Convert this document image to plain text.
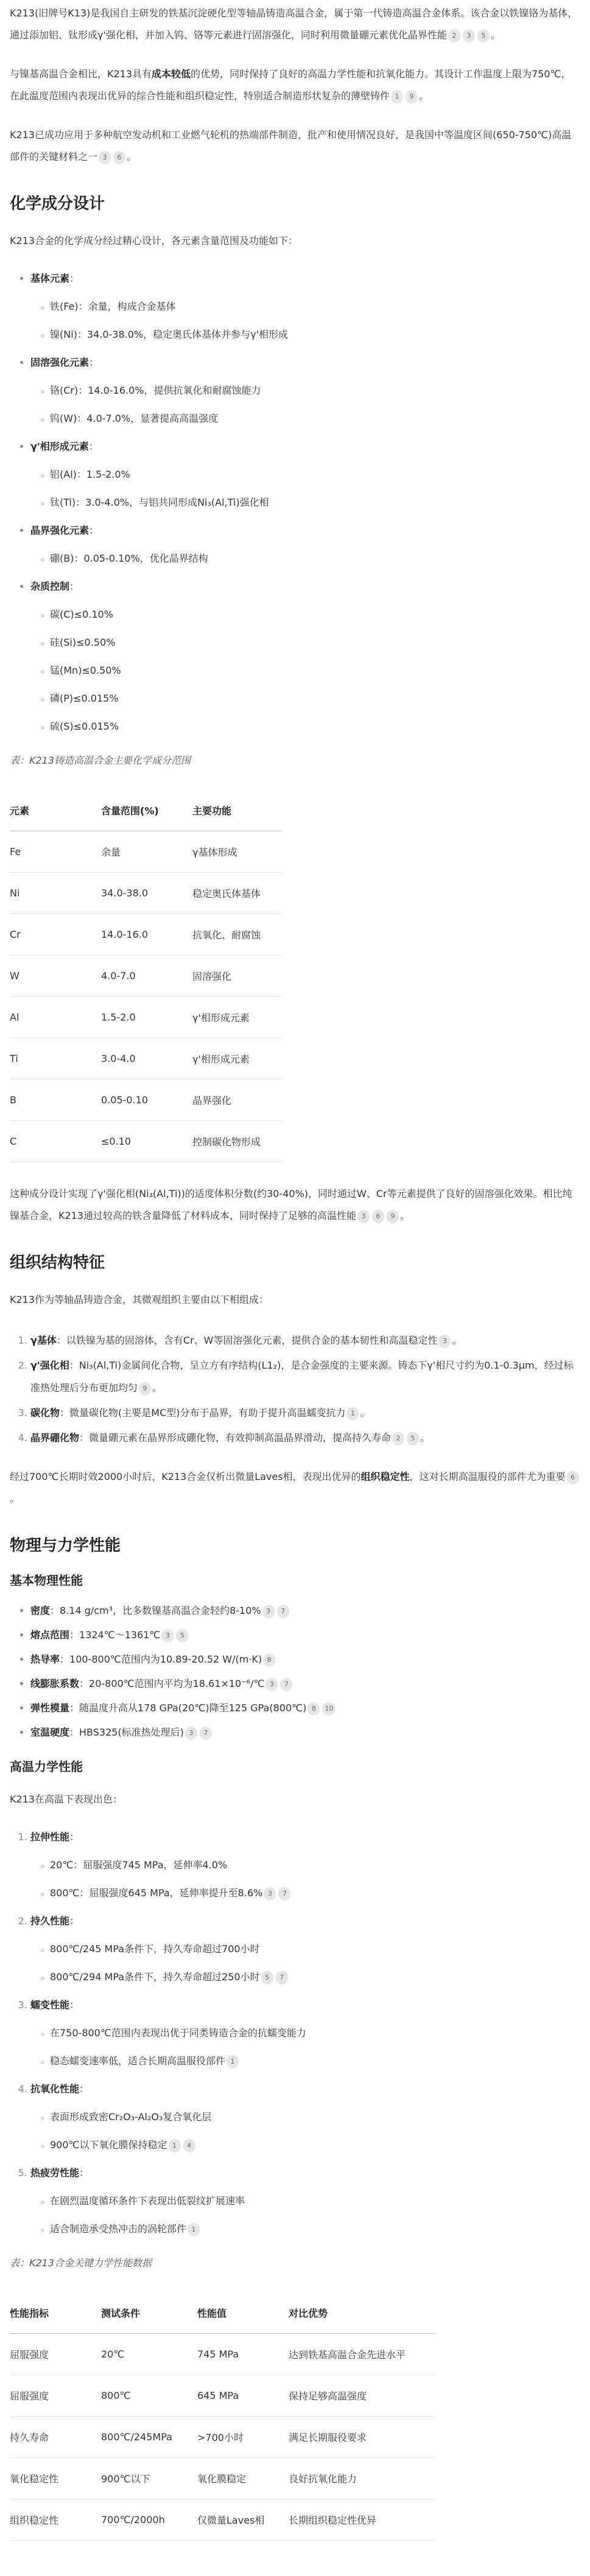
K213(旧牌号K13)是我国自主研发的铁基沉淀硬化型等轴晶铸造高温合金，属于第一代铸造高温合金体系。该合金以铁镍铬为基体，通过添加铝、钛形成γ'强化相，并加入钨、铬等元素进行固溶强化，同时利用微量硼元素优化晶界性能 2 3 5 。

与镍基高温合金相比，K213具有成本较低的优势，同时保持了良好的高温力学性能和抗氧化能力。其设计工作温度上限为750℃，在此温度范围内表现出优异的综合性能和组织稳定性，特别适合制造形状复杂的薄壁铸件 1 9 。

K213已成功应用于多种航空发动机和工业燃气轮机的热端部件制造，批产和使用情况良好，是我国中等温度区间(650-750℃)高温部件的关键材料之一 3 6 。

化学成分设计

K213合金的化学成分经过精心设计，各元素含量范围及功能如下：

• 基体元素：
◦ 铁(Fe)：余量，构成合金基体
◦ 镍(Ni)：34.0-38.0%，稳定奥氏体基体并参与γ'相形成
• 固溶强化元素：
◦ 铬(Cr)：14.0-16.0%，提供抗氧化和耐腐蚀能力
◦ 钨(W)：4.0-7.0%，显著提高高温强度
• γ'相形成元素：
◦ 铝(Al)：1.5-2.0%
◦ 钛(Ti)：3.0-4.0%，与铝共同形成Ni₃(Al,Ti)强化相
• 晶界强化元素：
◦ 硼(B)：0.05-0.10%，优化晶界结构
• 杂质控制：
◦ 碳(C)≤0.10%
◦ 硅(Si)≤0.50%
◦ 锰(Mn)≤0.50%
◦ 磷(P)≤0.015%
◦ 硫(S)≤0.015%
表：K213铸造高温合金主要化学成分范围
元素	含量范围(%)	主要功能
Fe	余量	γ基体形成
Ni	34.0-38.0	稳定奥氏体基体
Cr	14.0-16.0	抗氧化、耐腐蚀
W	4.0-7.0	固溶强化
Al	1.5-2.0	γ'相形成元素
Ti	3.0-4.0	γ'相形成元素
B	0.05-0.10	晶界强化
C	≤0.10	控制碳化物形成

这种成分设计实现了γ'强化相(Ni₃(Al,Ti))的适度体积分数(约30-40%)，同时通过W、Cr等元素提供了良好的固溶强化效果。相比纯镍基合金，K213通过较高的铁含量降低了材料成本，同时保持了足够的高温性能 3 6 9 。

组织结构特征

K213作为等轴晶铸造合金，其微观组织主要由以下相组成：

1. γ基体：以铁镍为基的固溶体，含有Cr、W等固溶强化元素，提供合金的基本韧性和高温稳定性 3 。
2. γ'强化相：Ni₃(Al,Ti)金属间化合物，呈立方有序结构(L1₂)，是合金强度的主要来源。铸态下γ'相尺寸约为0.1-0.3μm，经过标准热处理后分布更加均匀 9 。
3. 碳化物：微量碳化物(主要是MC型)分布于晶界，有助于提升高温蠕变抗力 1 。
4. 晶界硼化物：微量硼元素在晶界形成硼化物，有效抑制高温晶界滑动，提高持久寿命 2 5 。

经过700℃长期时效2000小时后，K213合金仅析出微量Laves相，表现出优异的组织稳定性，这对长期高温服役的部件尤为重要 6。

物理与力学性能
基本物理性能
• 密度：8.14 g/cm³，比多数镍基高温合金轻约8-10% 3 7
• 熔点范围：1324℃～1361℃ 3 5
• 热导率：100-800℃范围内为10.89-20.52 W/(m·K) 8
• 线膨胀系数：20-800℃范围内平均为18.61×10⁻⁶/℃ 3 7
• 弹性模量：随温度升高从178 GPa(20℃)降至125 GPa(800℃) 8 10
• 室温硬度：HBS325(标准热处理后) 3 7
高温力学性能

K213在高温下表现出色：

1. 拉伸性能：
◦ 20℃：屈服强度745 MPa，延伸率4.0%
◦ 800℃：屈服强度645 MPa，延伸率提升至8.6% 3 7
2. 持久性能：
◦ 800℃/245 MPa条件下，持久寿命超过700小时
◦ 800℃/294 MPa条件下，持久寿命超过250小时 5 7
3. 蠕变性能：
◦ 在750-800℃范围内表现出优于同类铸造合金的抗蠕变能力
◦ 稳态蠕变速率低，适合长期高温服役部件 1
4. 抗氧化性能：
◦ 表面形成致密Cr₂O₃-Al₂O₃复合氧化层
◦ 900℃以下氧化膜保持稳定 1 4
5. 热疲劳性能：
◦ 在剧烈温度循环条件下表现出低裂纹扩展速率
◦ 适合制造承受热冲击的涡轮部件 1
表：K213合金关键力学性能数据
性能指标	测试条件	性能值	对比优势
屈服强度	20℃	745 MPa	达到铁基高温合金先进水平
屈服强度	800℃	645 MPa	保持足够高温强度
持久寿命	800℃/245MPa	>700小时	满足长期服役要求
氧化稳定性	900℃以下	氧化膜稳定	良好抗氧化能力
组织稳定性	700℃/2000h	仅微量Laves相	长期组织稳定性优异
